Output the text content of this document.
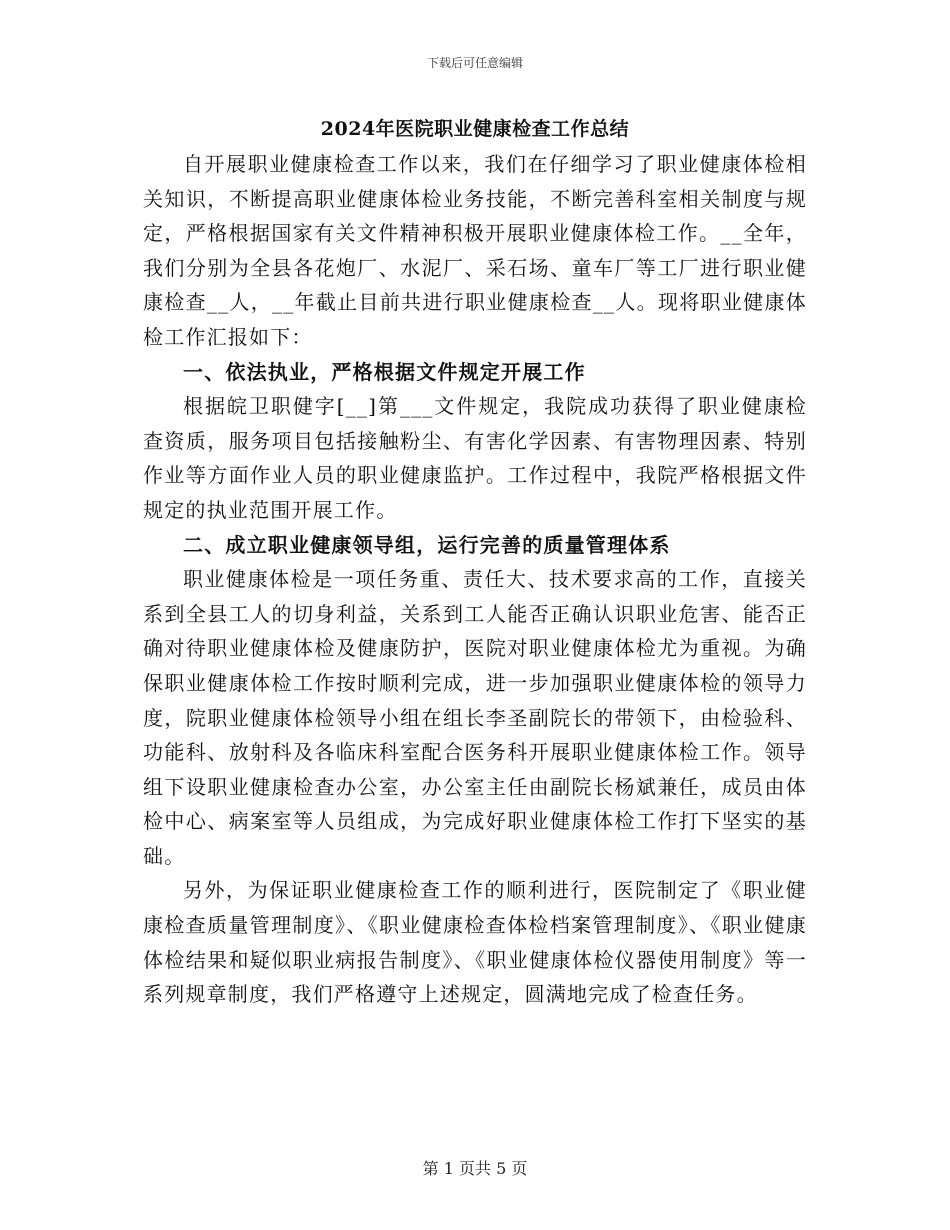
下载后可任意编辑
2024年医院职业健康检查工作总结

自开展职业健康检查工作以来，我们在仔细学习了职业健康体检相关知识，不断提高职业健康体检业务技能，不断完善科室相关制度与规定，严格根据国家有关文件精神积极开展职业健康体检工作。__全年，我们分别为全县各花炮厂、水泥厂、采石场、童车厂等工厂进行职业健康检查__人，__年截止目前共进行职业健康检查__人。现将职业健康体检工作汇报如下：

一、依法执业，严格根据文件规定开展工作

根据皖卫职健字[__]第___文件规定，我院成功获得了职业健康检查资质，服务项目包括接触粉尘、有害化学因素、有害物理因素、特别作业等方面作业人员的职业健康监护。工作过程中，我院严格根据文件规定的执业范围开展工作。

二、成立职业健康领导组，运行完善的质量管理体系

职业健康体检是一项任务重、责任大、技术要求高的工作，直接关系到全县工人的切身利益，关系到工人能否正确认识职业危害、能否正确对待职业健康体检及健康防护，医院对职业健康体检尤为重视。为确保职业健康体检工作按时顺利完成，进一步加强职业健康体检的领导力度，院职业健康体检领导小组在组长李圣副院长的带领下，由检验科、功能科、放射科及各临床科室配合医务科开展职业健康体检工作。领导组下设职业健康检查办公室，办公室主任由副院长杨斌兼任，成员由体检中心、病案室等人员组成，为完成好职业健康体检工作打下坚实的基础。

另外，为保证职业健康检查工作的顺利进行，医院制定了《职业健康检查质量管理制度》、《职业健康检查体检档案管理制度》、《职业健康体检结果和疑似职业病报告制度》、《职业健康体检仪器使用制度》等一系列规章制度，我们严格遵守上述规定，圆满地完成了检查任务。

第 1 页共 5 页
